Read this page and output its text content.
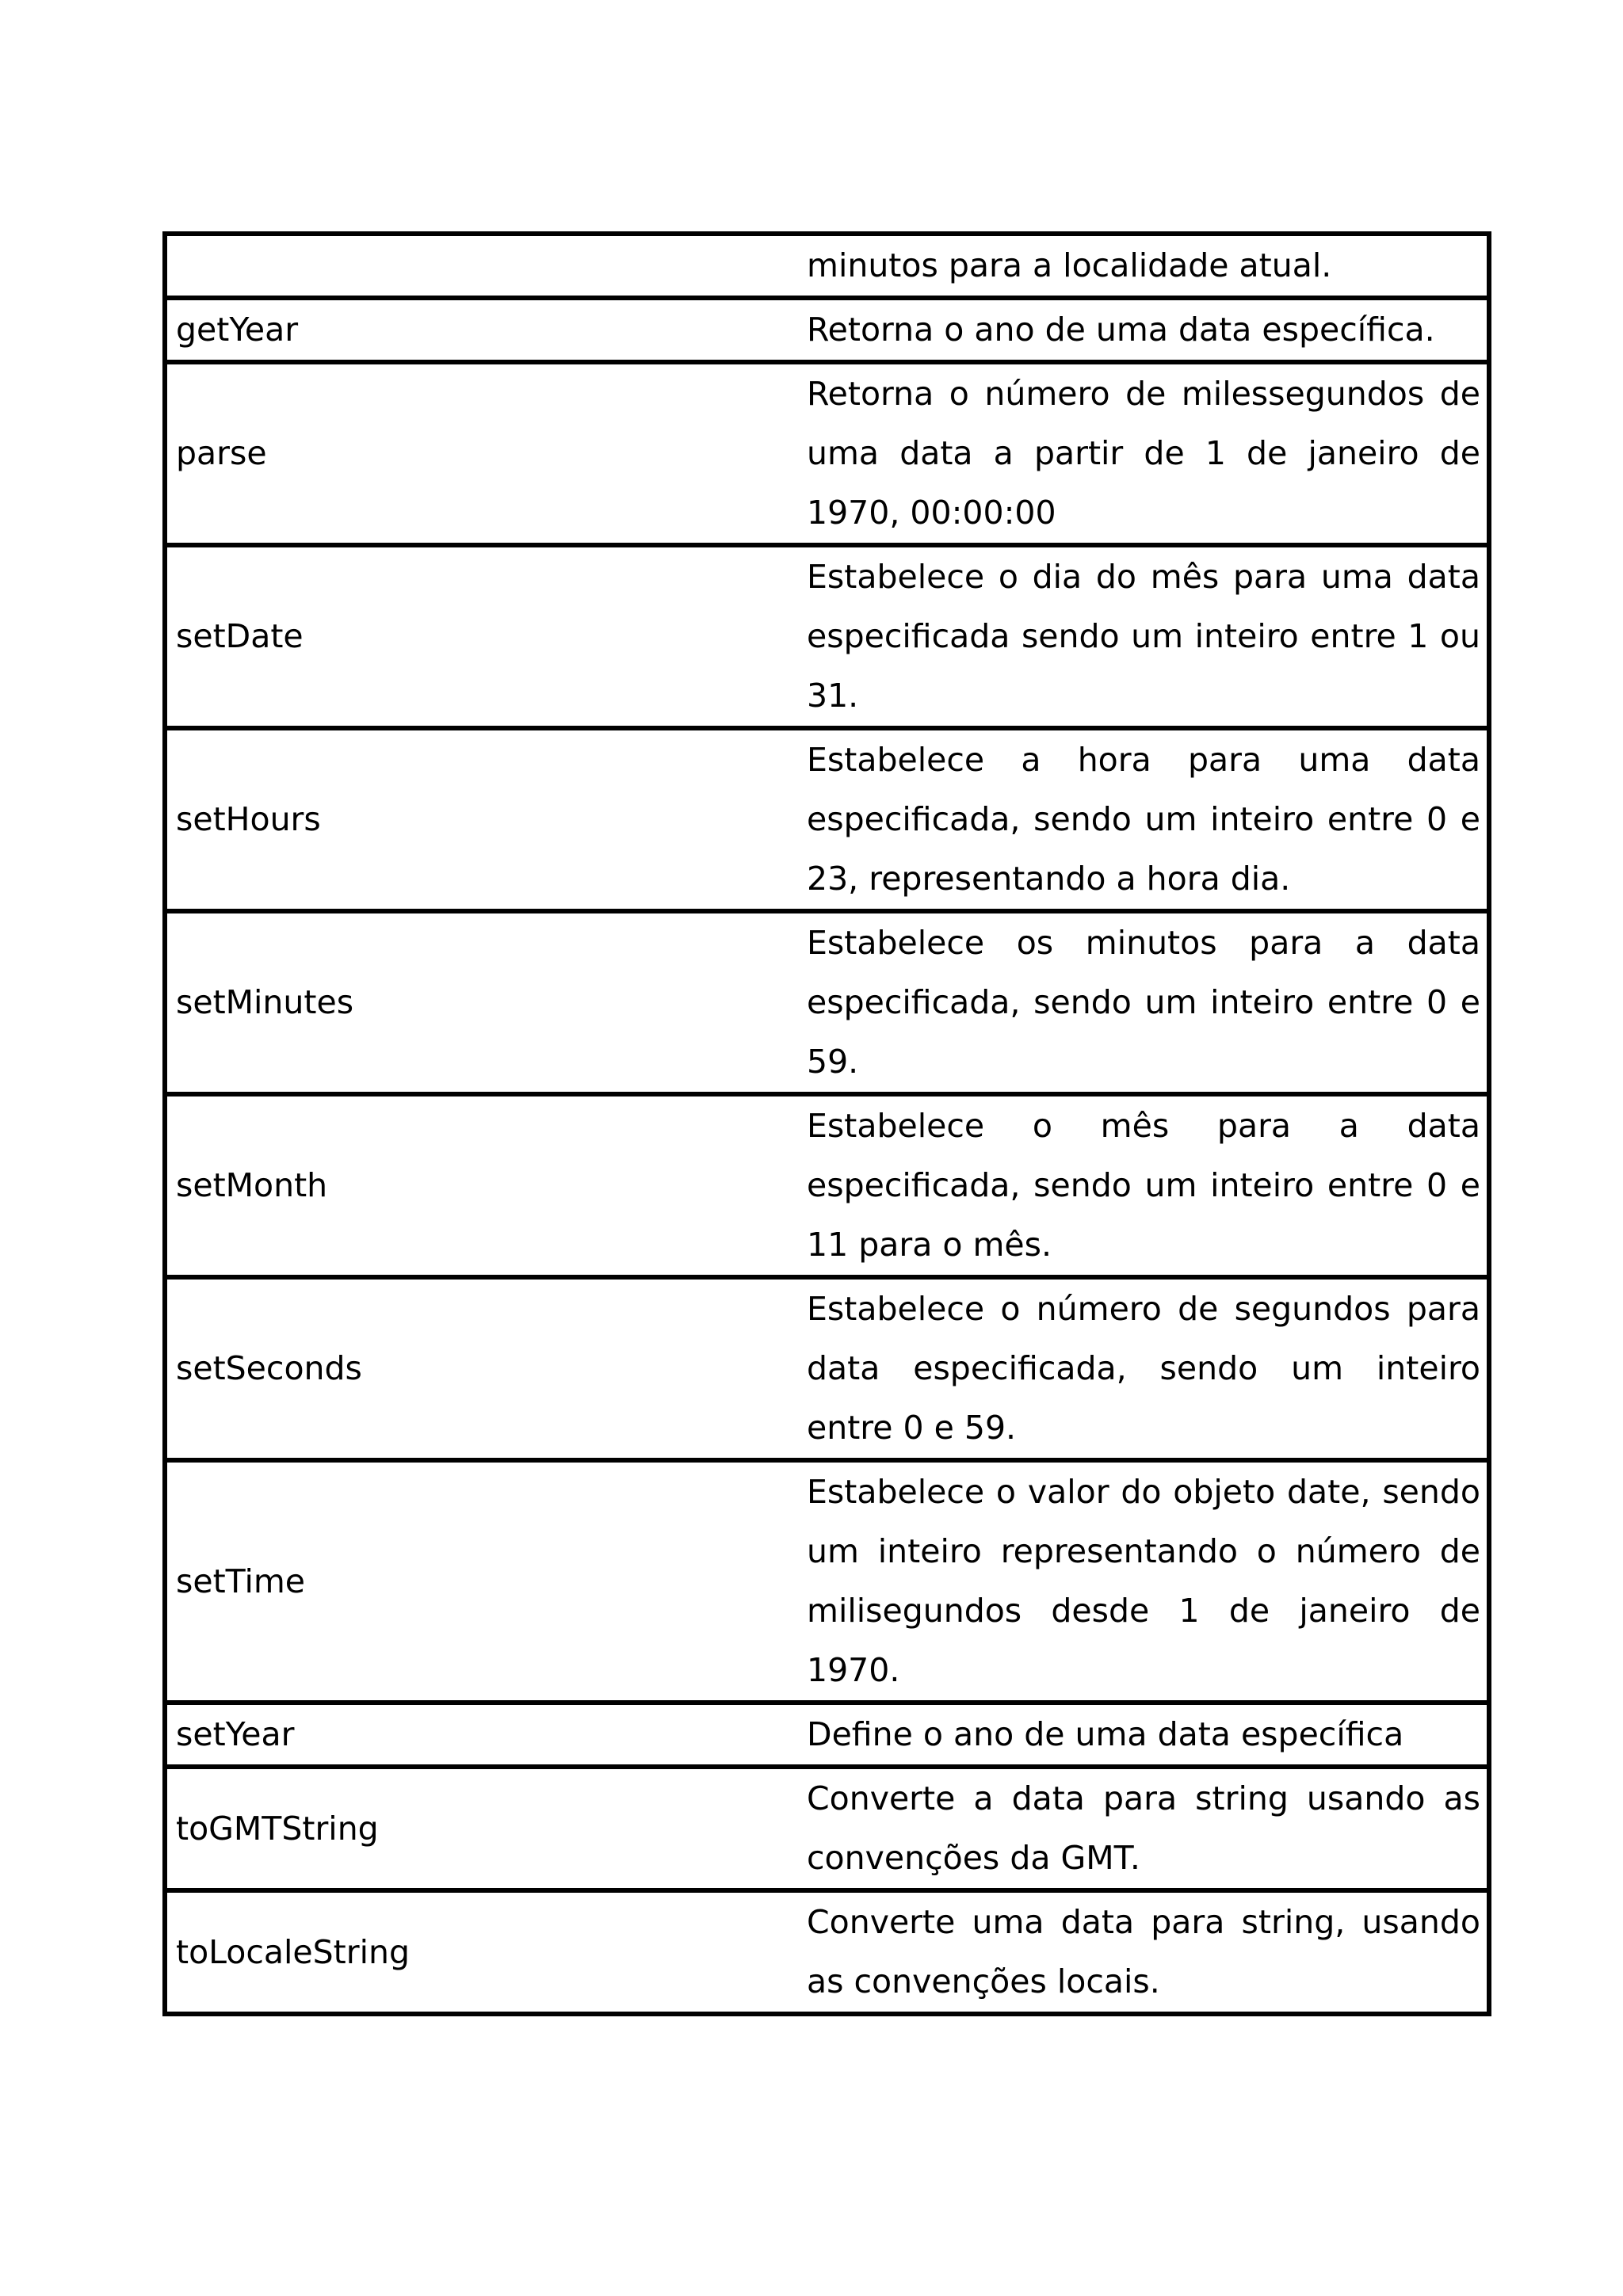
	minutos para a localidade atual.
getYear	Retorna o ano de uma data específica.
parse	Retorna o número de milessegundos de uma data a partir de 1 de janeiro de 1970, 00:00:00
setDate	Estabelece o dia do mês para uma data especificada sendo um inteiro entre 1 ou 31.
setHours	Estabelece a hora para uma data especificada, sendo um inteiro entre 0 e 23, representando a hora dia.
setMinutes	Estabelece os minutos para a data especificada, sendo um inteiro entre 0 e 59.
setMonth	Estabelece o mês para a data especificada, sendo um inteiro entre 0 e 11 para o mês.
setSeconds	Estabelece o número de segundos para data especificada, sendo um inteiro entre 0 e 59.
setTime	Estabelece o valor do objeto date, sendo um inteiro representando o número de milisegundos desde 1 de janeiro de 1970.
setYear	Define o ano de uma data específica
toGMTString	Converte a data para string usando as convenções da GMT.
toLocaleString	Converte uma data para string, usando as convenções locais.
